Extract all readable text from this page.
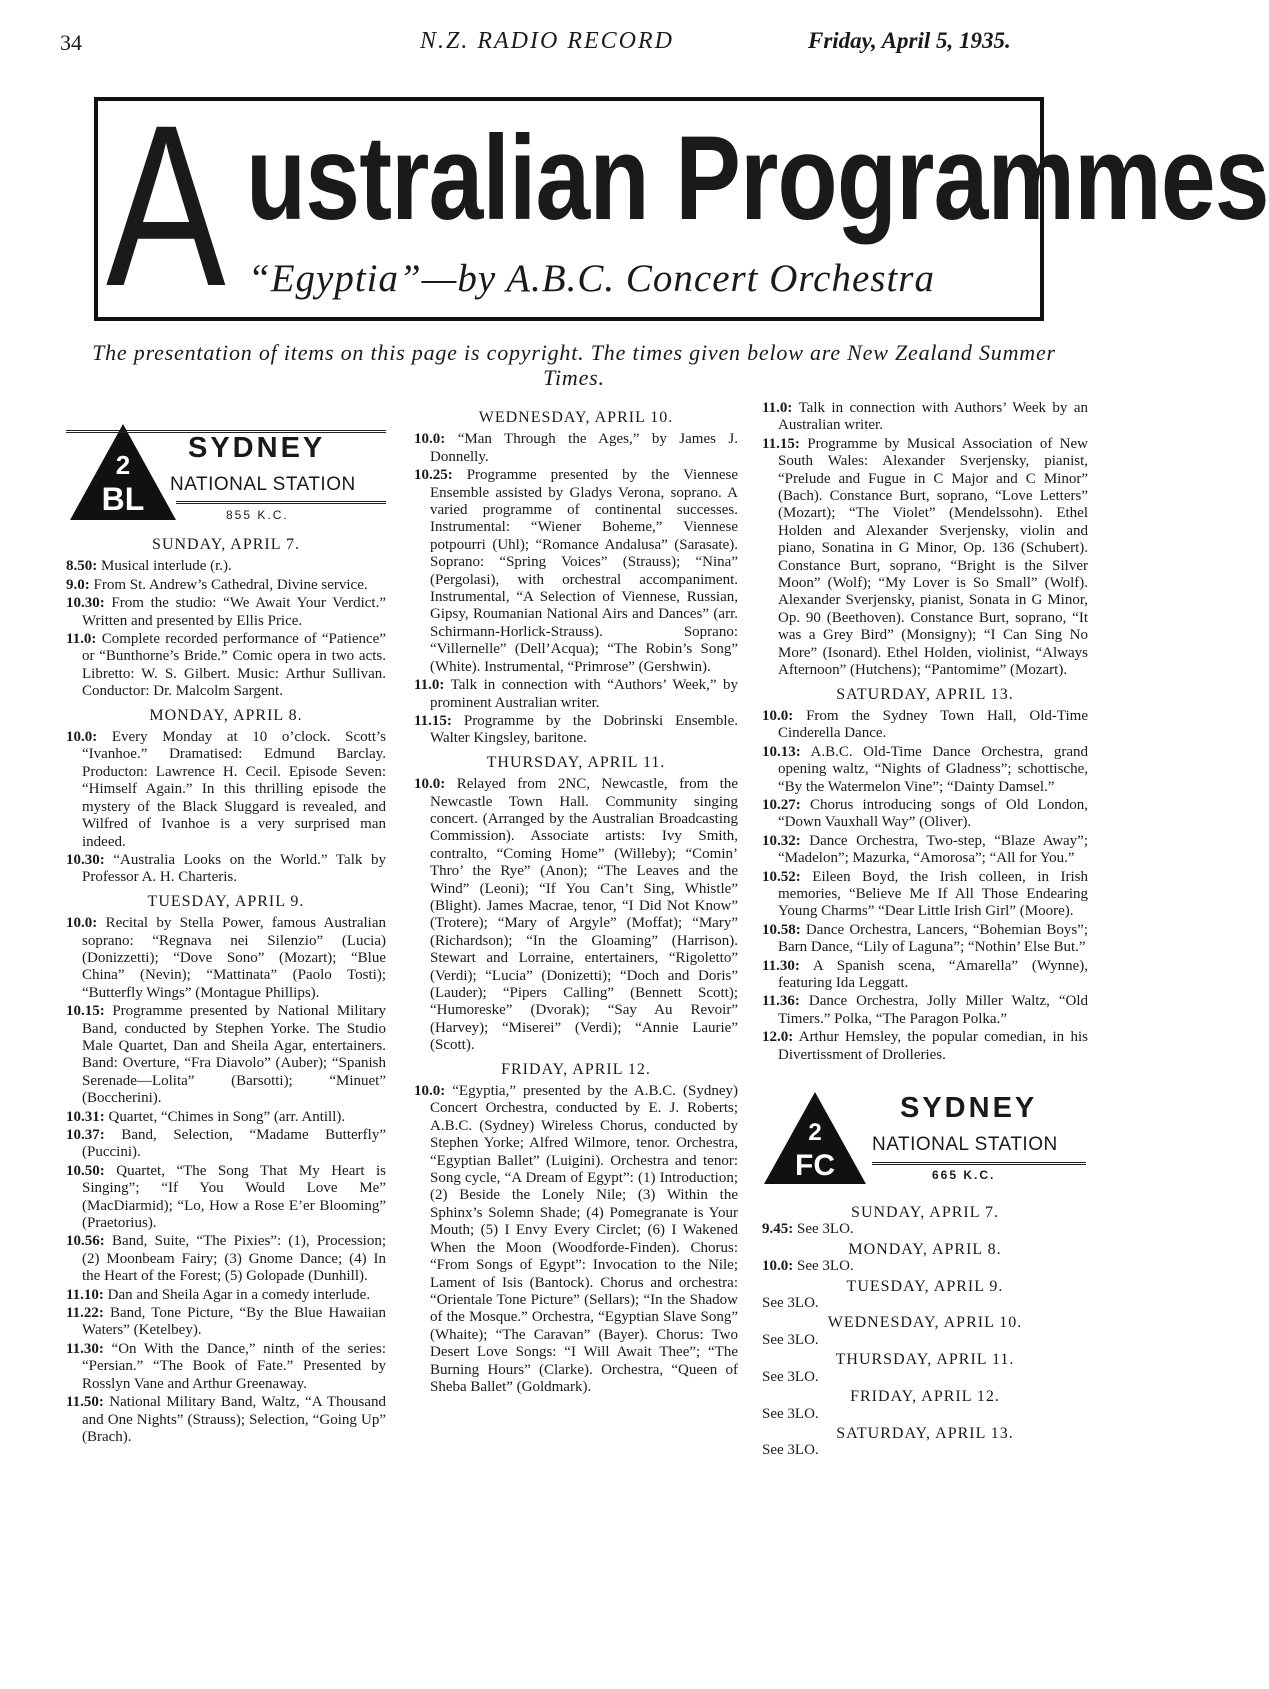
34	N.Z. RADIO RECORD	Friday, April 5, 1935.
A ustralian Programmes
“Egyptia”—by A.B.C. Concert Orchestra
The presentation of items on this page is copyright. The times given below are New Zealand Summer Times.
2
BL
SYDNEY
NATIONAL STATION
855 K.C.
SUNDAY, APRIL 7.
8.50: Musical interlude (r.).
9.0: From St. Andrew’s Cathedral, Divine service.
10.30: From the studio: “We Await Your Verdict.” Written and presented by Ellis Price.
11.0: Complete recorded performance of “Patience” or “Bunthorne’s Bride.” Comic opera in two acts. Libretto: W. S. Gilbert. Music: Arthur Sullivan. Conductor: Dr. Malcolm Sargent.
MONDAY, APRIL 8.
10.0: Every Monday at 10 o’clock. Scott’s “Ivanhoe.” Dramatised: Edmund Barclay. Producton: Lawrence H. Cecil. Episode Seven: “Himself Again.” In this thrilling episode the mystery of the Black Sluggard is revealed, and Wilfred of Ivanhoe is a very surprised man indeed.
10.30: “Australia Looks on the World.” Talk by Professor A. H. Charteris.
TUESDAY, APRIL 9.
10.0: Recital by Stella Power, famous Australian soprano: “Regnava nei Silenzio” (Lucia) (Donizzetti); “Dove Sono” (Mozart); “Blue China” (Nevin); “Mattinata” (Paolo Tosti); “Butterfly Wings” (Montague Phillips).
10.15: Programme presented by National Military Band, conducted by Stephen Yorke. The Studio Male Quartet, Dan and Sheila Agar, entertainers. Band: Overture, “Fra Diavolo” (Auber); “Spanish Serenade—Lolita” (Barsotti); “Minuet” (Boccherini).
10.31: Quartet, “Chimes in Song” (arr. Antill).
10.37: Band, Selection, “Madame Butterfly” (Puccini).
10.50: Quartet, “The Song That My Heart is Singing”; “If You Would Love Me” (MacDiarmid); “Lo, How a Rose E’er Blooming” (Praetorius).
10.56: Band, Suite, “The Pixies”: (1), Procession; (2) Moonbeam Fairy; (3) Gnome Dance; (4) In the Heart of the Forest; (5) Golopade (Dunhill).
11.10: Dan and Sheila Agar in a comedy interlude.
11.22: Band, Tone Picture, “By the Blue Hawaiian Waters” (Ketelbey).
11.30: “On With the Dance,” ninth of the series: “Persian.” “The Book of Fate.” Presented by Rosslyn Vane and Arthur Greenaway.
11.50: National Military Band, Waltz, “A Thousand and One Nights” (Strauss); Selection, “Going Up” (Brach).
WEDNESDAY, APRIL 10.
10.0: “Man Through the Ages,” by James J. Donnelly.
10.25: Programme presented by the Viennese Ensemble assisted by Gladys Verona, soprano. A varied programme of continental successes. Instrumental: “Wiener Boheme,” Viennese potpourri (Uhl); “Romance Andalusa” (Sarasate). Soprano: “Spring Voices” (Strauss); “Nina” (Pergolasi), with orchestral accompaniment. Instrumental, “A Selection of Viennese, Russian, Gipsy, Roumanian National Airs and Dances” (arr. Schirmann-Horlick-Strauss). Soprano: “Villernelle” (Dell’Acqua); “The Robin’s Song” (White). Instrumental, “Primrose” (Gershwin).
11.0: Talk in connection with “Authors’ Week,” by prominent Australian writer.
11.15: Programme by the Dobrinski Ensemble. Walter Kingsley, baritone.
THURSDAY, APRIL 11.
10.0: Relayed from 2NC, Newcastle, from the Newcastle Town Hall. Community singing concert. (Arranged by the Australian Broadcasting Commission). Associate artists: Ivy Smith, contralto, “Coming Home” (Willeby); “Comin’ Thro’ the Rye” (Anon); “The Leaves and the Wind” (Leoni); “If You Can’t Sing, Whistle” (Blight). James Macrae, tenor, “I Did Not Know” (Trotere); “Mary of Argyle” (Moffat); “Mary” (Richardson); “In the Gloaming” (Harrison). Stewart and Lorraine, entertainers, “Rigoletto” (Verdi); “Lucia” (Donizetti); “Doch and Doris” (Lauder); “Pipers Calling” (Bennett Scott); “Humoreske” (Dvorak); “Say Au Revoir” (Harvey); “Miserei” (Verdi); “Annie Laurie” (Scott).
FRIDAY, APRIL 12.
10.0: “Egyptia,” presented by the A.B.C. (Sydney) Concert Orchestra, conducted by E. J. Roberts; A.B.C. (Sydney) Wireless Chorus, conducted by Stephen Yorke; Alfred Wilmore, tenor. Orchestra, “Egyptian Ballet” (Luigini). Orchestra and tenor: Song cycle, “A Dream of Egypt”: (1) Introduction; (2) Beside the Lonely Nile; (3) Within the Sphinx’s Solemn Shade; (4) Pomegranate is Your Mouth; (5) I Envy Every Circlet; (6) I Wakened When the Moon (Woodforde-Finden). Chorus: “From Songs of Egypt”: Invocation to the Nile; Lament of Isis (Bantock). Chorus and orchestra: “Orientale Tone Picture” (Sellars); “In the Shadow of the Mosque.” Orchestra, “Egyptian Slave Song” (Whaite); “The Caravan” (Bayer). Chorus: Two Desert Love Songs: “I Will Await Thee”; “The Burning Hours” (Clarke). Orchestra, “Queen of Sheba Ballet” (Goldmark).
11.0: Talk in connection with Authors’ Week by an Australian writer.
11.15: Programme by Musical Association of New South Wales: Alexander Sverjensky, pianist, “Prelude and Fugue in C Major and C Minor” (Bach). Constance Burt, soprano, “Love Letters” (Mozart); “The Violet” (Mendelssohn). Ethel Holden and Alexander Sverjensky, violin and piano, Sonatina in G Minor, Op. 136 (Schubert). Constance Burt, soprano, “Bright is the Silver Moon” (Wolf); “My Lover is So Small” (Wolf). Alexander Sverjensky, pianist, Sonata in G Minor, Op. 90 (Beethoven). Constance Burt, soprano, “It was a Grey Bird” (Monsigny); “I Can Sing No More” (Isonard). Ethel Holden, violinist, “Always Afternoon” (Hutchens); “Pantomime” (Mozart).
SATURDAY, APRIL 13.
10.0: From the Sydney Town Hall, Old-Time Cinderella Dance.
10.13: A.B.C. Old-Time Dance Orchestra, grand opening waltz, “Nights of Gladness”; schottische, “By the Watermelon Vine”; “Dainty Damsel.”
10.27: Chorus introducing songs of Old London, “Down Vauxhall Way” (Oliver).
10.32: Dance Orchestra, Two-step, “Blaze Away”; “Madelon”; Mazurka, “Amorosa”; “All for You.”
10.52: Eileen Boyd, the Irish colleen, in Irish memories, “Believe Me If All Those Endearing Young Charms” “Dear Little Irish Girl” (Moore).
10.58: Dance Orchestra, Lancers, “Bohemian Boys”; Barn Dance, “Lily of Laguna”; “Nothin’ Else But.”
11.30: A Spanish scena, “Amarella” (Wynne), featuring Ida Leggatt.
11.36: Dance Orchestra, Jolly Miller Waltz, “Old Timers.” Polka, “The Paragon Polka.”
12.0: Arthur Hemsley, the popular comedian, in his Divertissment of Drolleries.
2
FC
SYDNEY
NATIONAL STATION
665 K.C.
SUNDAY, APRIL 7.
9.45: See 3LO.
MONDAY, APRIL 8.
10.0: See 3LO.
TUESDAY, APRIL 9.
See 3LO.
WEDNESDAY, APRIL 10.
See 3LO.
THURSDAY, APRIL 11.
See 3LO.
FRIDAY, APRIL 12.
See 3LO.
SATURDAY, APRIL 13.
See 3LO.
